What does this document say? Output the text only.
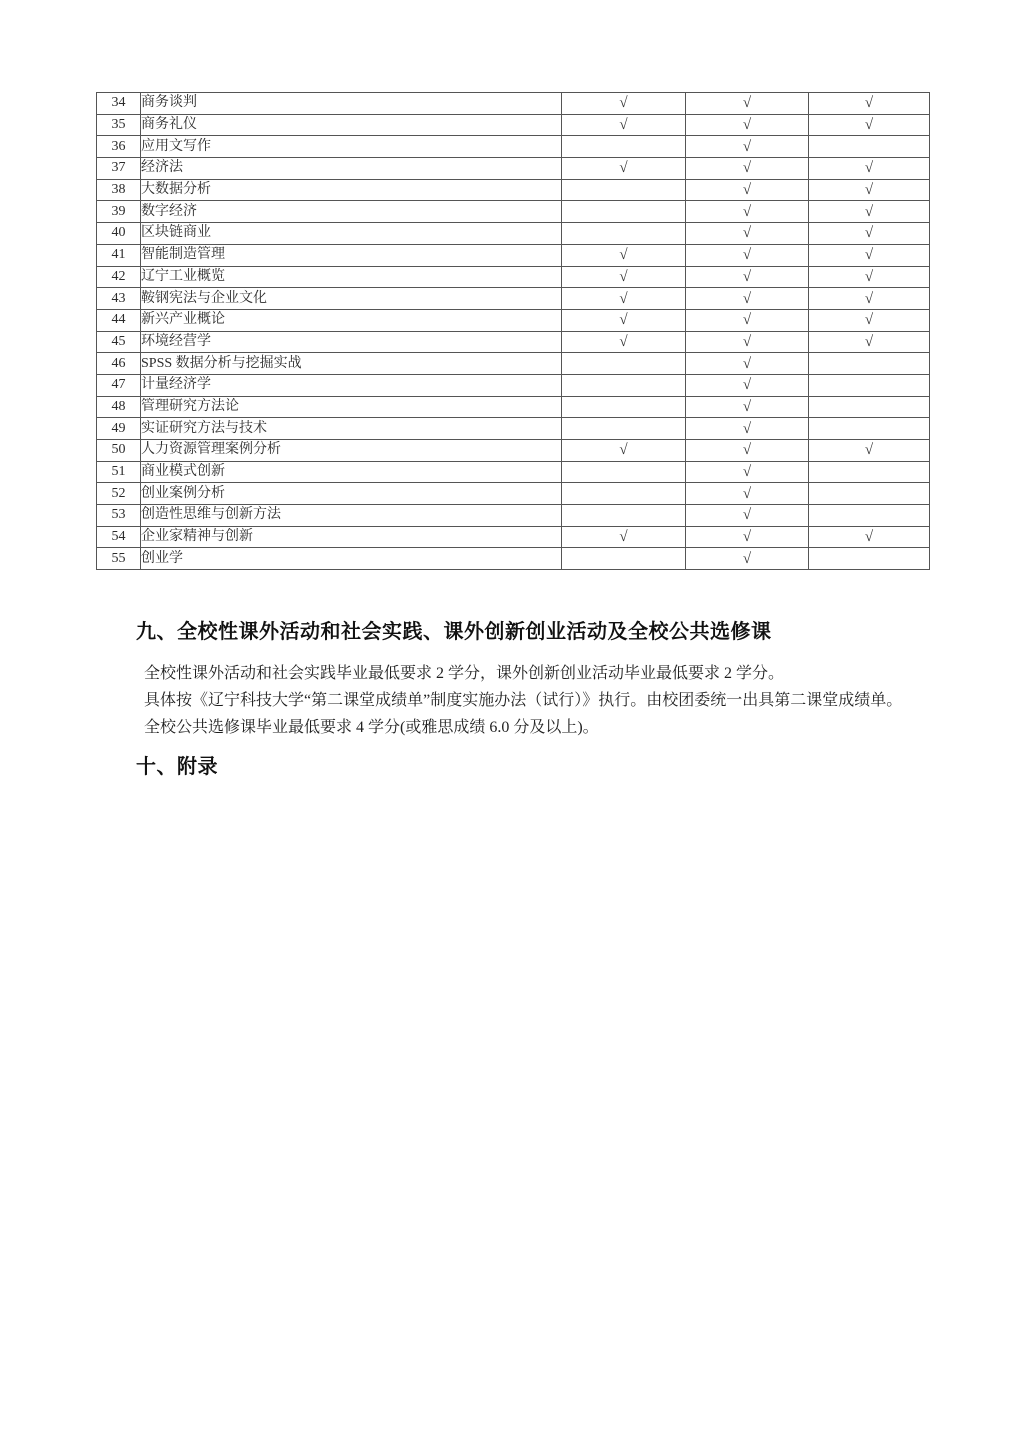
34	商务谈判	√	√	√
35	商务礼仪	√	√	√
36	应用文写作		√	
37	经济法	√	√	√
38	大数据分析		√	√
39	数字经济		√	√
40	区块链商业		√	√
41	智能制造管理	√	√	√
42	辽宁工业概览	√	√	√
43	鞍钢宪法与企业文化	√	√	√
44	新兴产业概论	√	√	√
45	环境经营学	√	√	√
46	SPSS 数据分析与挖掘实战		√	
47	计量经济学		√	
48	管理研究方法论		√	
49	实证研究方法与技术		√	
50	人力资源管理案例分析	√	√	√
51	商业模式创新		√	
52	创业案例分析		√	
53	创造性思维与创新方法		√	
54	企业家精神与创新	√	√	√
55	创业学		√	
九、全校性课外活动和社会实践、课外创新创业活动及全校公共选修课

全校性课外活动和社会实践毕业最低要求 2 学分，课外创新创业活动毕业最低要求 2 学分。

具体按《辽宁科技大学“第二课堂成绩单”制度实施办法（试行）》执行。由校团委统一出具第二课堂成绩单。

全校公共选修课毕业最低要求 4 学分(或雅思成绩 6.0 分及以上)。

十、附录
